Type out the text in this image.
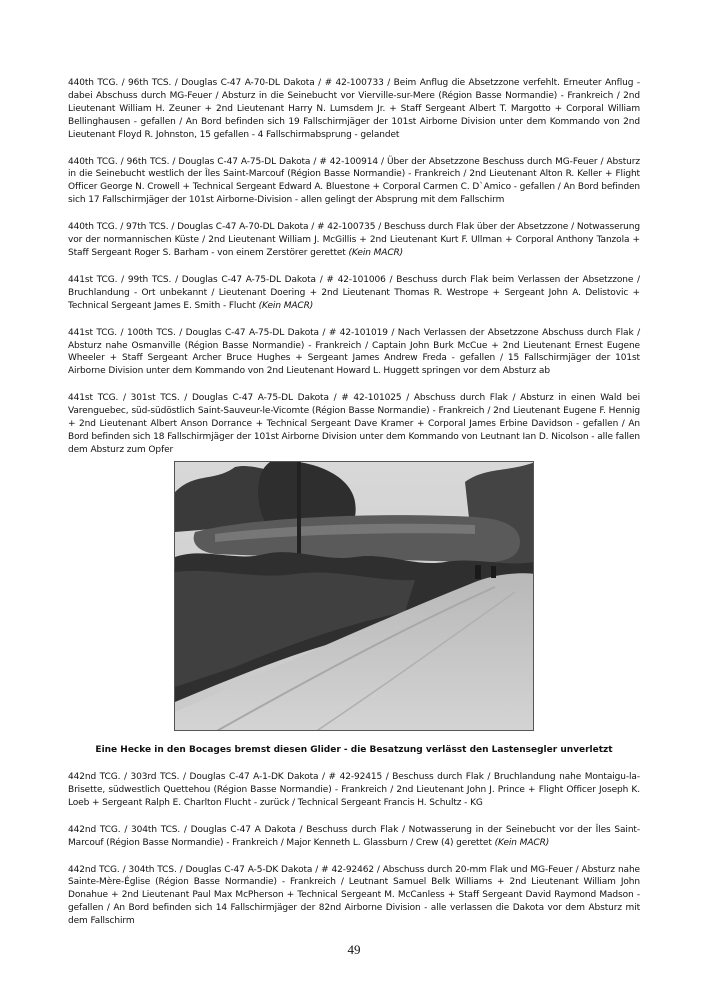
440th TCG. / 96th TCS. / Douglas C-47 A-70-DL Dakota / # 42-100733 / Beim Anflug die Absetzzone verfehlt. Erneuter Anflug - dabei Abschuss durch MG-Feuer / Absturz in die Seinebucht vor Vierville-sur-Mere (Région Basse Normandie) - Frankreich / 2nd Lieutenant William H. Zeuner + 2nd Lieutenant Harry N. Lumsdem Jr. + Staff Sergeant Albert T. Margotto + Corporal William Bellinghausen - gefallen / An Bord befinden sich 19 Fallschirmjäger der 101st Airborne Division unter dem Kommando von 2nd Lieutenant Floyd R. Johnston, 15 gefallen - 4 Fallschirmabsprung - gelandet

440th TCG. / 96th TCS. / Douglas C-47 A-75-DL Dakota / # 42-100914 / Über der Absetzzone Beschuss durch MG-Feuer / Absturz in die Seinebucht westlich der Îles Saint-Marcouf (Région Basse Normandie) - Frankreich / 2nd Lieutenant Alton R. Keller + Flight Officer George N. Crowell + Technical Sergeant Edward A. Bluestone + Corporal Carmen C. D`Amico - gefallen / An Bord befinden sich 17 Fallschirmjäger der 101st Airborne-Division - allen gelingt der Absprung mit dem Fallschirm

440th TCG. / 97th TCS. / Douglas C-47 A-70-DL Dakota / # 42-100735 / Beschuss durch Flak über der Absetzzone / Notwasserung vor der normannischen Küste / 2nd Lieutenant William J. McGillis + 2nd Lieutenant Kurt F. Ullman + Corporal Anthony Tanzola + Staff Sergeant Roger S. Barham - von einem Zerstörer gerettet (Kein MACR)

441st TCG. / 99th TCS. / Douglas C-47 A-75-DL Dakota / # 42-101006 / Beschuss durch Flak beim Verlassen der Absetzzone / Bruchlandung - Ort unbekannt / Lieutenant Doering + 2nd Lieutenant Thomas R. Westrope + Sergeant John A. Delistovic + Technical Sergeant James E. Smith - Flucht (Kein MACR)

441st TCG. / 100th TCS. / Douglas C-47 A-75-DL Dakota / # 42-101019 / Nach Verlassen der Absetzzone Abschuss durch Flak / Absturz nahe Osmanville (Région Basse Normandie) - Frankreich / Captain John Burk McCue + 2nd Lieutenant Ernest Eugene Wheeler + Staff Sergeant Archer Bruce Hughes + Sergeant James Andrew Freda - gefallen / 15 Fallschirmjäger der 101st Airborne Division unter dem Kommando von 2nd Lieutenant Howard L. Huggett springen vor dem Absturz ab

441st TCG. / 301st TCS. / Douglas C-47 A-75-DL Dakota / # 42-101025 / Abschuss durch Flak / Absturz in einen Wald bei Varenguebec, süd-südöstlich Saint-Sauveur-le-Vicomte (Région Basse Normandie) - Frankreich / 2nd Lieutenant Eugene F. Hennig + 2nd Lieutenant Albert Anson Dorrance + Technical Sergeant Dave Kramer + Corporal James Erbine Davidson - gefallen / An Bord befinden sich 18 Fallschirmjäger der 101st Airborne Division unter dem Kommando von Leutnant Ian D. Nicolson - alle fallen dem Absturz zum Opfer

Eine Hecke in den Bocages bremst diesen Glider - die Besatzung verlässt den Lastensegler unverletzt

442nd TCG. / 303rd TCS. / Douglas C-47 A-1-DK Dakota / # 42-92415 / Beschuss durch Flak / Bruchlandung nahe Montaigu-la-Brisette, südwestlich Quettehou (Région Basse Normandie) - Frankreich / 2nd Lieutenant John J. Prince + Flight Officer Joseph K. Loeb + Sergeant Ralph E. Charlton Flucht - zurück / Technical Sergeant Francis H. Schultz - KG

442nd TCG. / 304th TCS. / Douglas C-47 A Dakota / Beschuss durch Flak / Notwasserung in der Seinebucht vor der Îles Saint-Marcouf (Région Basse Normandie) - Frankreich / Major Kenneth L. Glassburn / Crew (4) gerettet (Kein MACR)

442nd TCG. / 304th TCS. / Douglas C-47 A-5-DK Dakota / # 42-92462 / Abschuss durch 20-mm Flak und MG-Feuer / Absturz nahe Sainte-Mère-Église (Région Basse Normandie) - Frankreich / Leutnant Samuel Belk Williams + 2nd Lieutenant William John Donahue + 2nd Lieutenant Paul Max McPherson + Technical Sergeant M. McCanless + Staff Sergeant David Raymond Madson - gefallen / An Bord befinden sich 14 Fallschirmjäger der 82nd Airborne Division - alle verlassen die Dakota vor dem Absturz mit dem Fallschirm

49
